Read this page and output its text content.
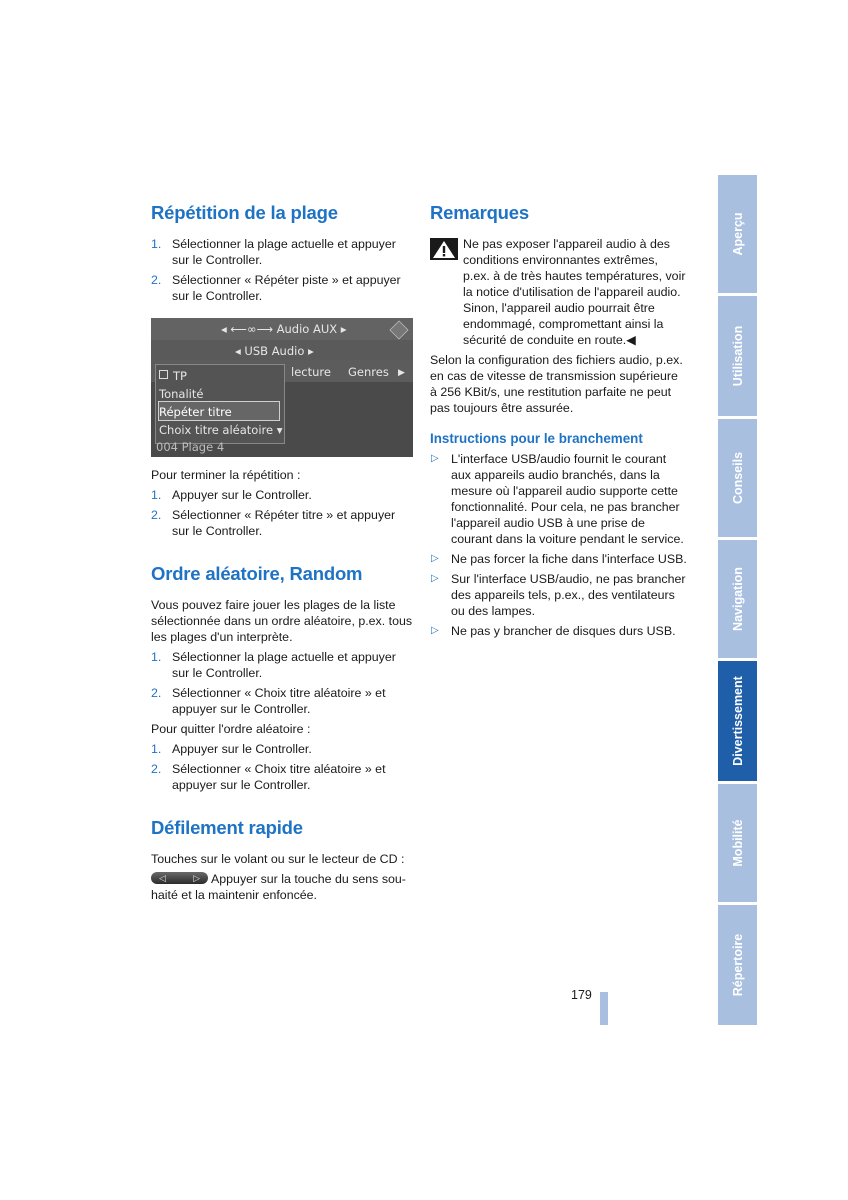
Répétition de la plage
1. Sélectionner la plage actuelle et appuyer sur le Controller.
2. Sélectionner « Répéter piste » et appuyer sur le Controller.
◂ ⟵∞⟶ Audio AUX ▸
◂ USB Audio ▸
lecture Genres ▶
TP
Tonalité
Répéter titre
Choix titre aléatoire ▾
004 Plage 4

Pour terminer la répétition :

1. Appuyer sur le Controller.
2. Sélectionner « Répéter titre » et appuyer sur le Controller.
Ordre aléatoire, Random

Vous pouvez faire jouer les plages de la liste sélectionnée dans un ordre aléatoire, p.ex. tous les plages d'un interprète.

1. Sélectionner la plage actuelle et appuyer sur le Controller.
2. Sélectionner « Choix titre aléatoire » et appuyer sur le Controller.

Pour quitter l'ordre aléatoire :

1. Appuyer sur le Controller.
2. Sélectionner « Choix titre aléatoire » et appuyer sur le Controller.
Défilement rapide

Touches sur le volant ou sur le lecteur de CD :

◁	▷ Appuyer sur la touche du sens sou-
haité et la maintenir enfoncée.

Remarques
Ne pas exposer l'appareil audio à des conditions environnantes extrêmes, p.ex. à de très hautes températures, voir la notice d'utilisation de l'appareil audio. Sinon, l'appareil audio pourrait être endommagé, compromettant ainsi la sécurité de conduite en route.◀

Selon la configuration des fichiers audio, p.ex. en cas de vitesse de transmission supérieure à 256 KBit/s, une restitution parfaite ne peut pas toujours être assurée.

Instructions pour le branchement
▷ L'interface USB/audio fournit le courant aux appareils audio branchés, dans la mesure où l'appareil audio supporte cette fonctionnalité. Pour cela, ne pas brancher l'appareil audio USB à une prise de courant dans la voiture pendant le service.
▷ Ne pas forcer la fiche dans l'interface USB.
▷ Sur l'interface USB/audio, ne pas brancher des appareils tels, p.ex., des ventilateurs ou des lampes.
▷ Ne pas y brancher de disques durs USB.
Aperçu
Utilisation
Conseils
Navigation
Divertissement
Mobilité
Répertoire
179
